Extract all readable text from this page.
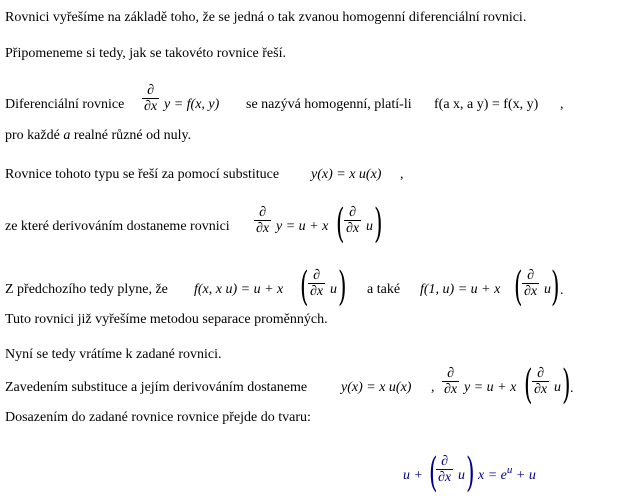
Rovnici vyřešíme na základě toho, že se jedná o tak zvanou homogenní diferenciální rovnici.
Připomeneme si tedy, jak se takovéto rovnice řeší.
Diferenciální rovnice
∂
∂x y = f(x, y) se nazývá homogenní, platí-li f(a x, a y) = f(x, y) ,
pro každé a realné různé od nuly.
Rovnice tohoto typu se řeší za pomocí substituce y(x) = x u(x) ,
ze které derivováním dostaneme rovnici
∂
∂x y = u + x ( ∂
∂x u )
Z předchozího tedy plyne, že f(x, x u) = u + x ( ∂
∂x u ) a také f(1, u) = u + x ( ∂
∂x u ) .
Tuto rovnici již vyřešíme metodou separace proměnných.
Nyní se tedy vrátíme k zadané rovnici.
Zavedením substituce a jejím derivováním dostaneme y(x) = x u(x) ,
∂
∂x y = u + x ( ∂
∂x u ) .
Dosazením do zadané rovnice rovnice přejde do tvaru:
u + ( ∂
∂x u ) $x = e^u + u$
